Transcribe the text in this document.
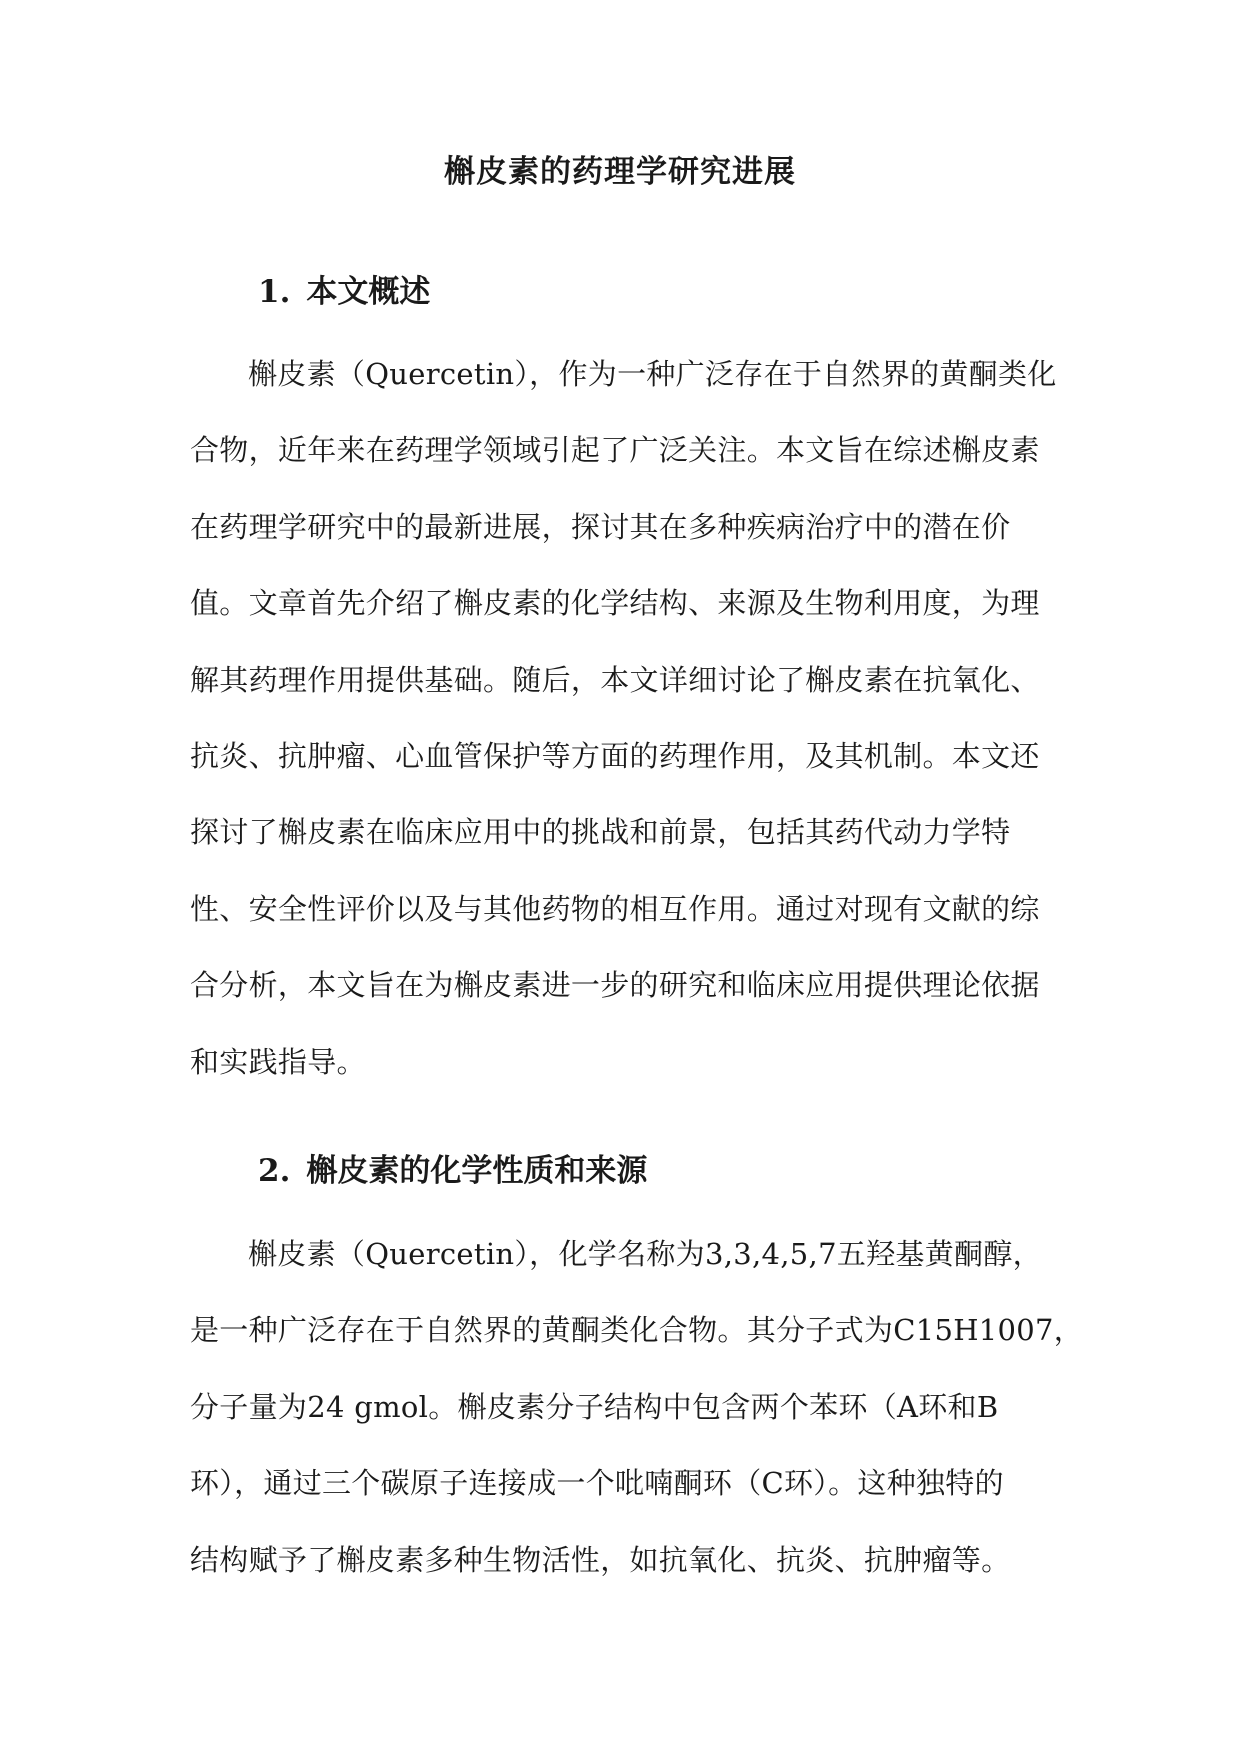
槲皮素的药理学研究进展
1. 本文概述
槲皮素（Quercetin），作为一种广泛存在于自然界的黄酮类化
合物，近年来在药理学领域引起了广泛关注。本文旨在综述槲皮素
在药理学研究中的最新进展，探讨其在多种疾病治疗中的潜在价
值。文章首先介绍了槲皮素的化学结构、来源及生物利用度，为理
解其药理作用提供基础。随后，本文详细讨论了槲皮素在抗氧化、
抗炎、抗肿瘤、心血管保护等方面的药理作用，及其机制。本文还
探讨了槲皮素在临床应用中的挑战和前景，包括其药代动力学特
性、安全性评价以及与其他药物的相互作用。通过对现有文献的综
合分析，本文旨在为槲皮素进一步的研究和临床应用提供理论依据
和实践指导。
2. 槲皮素的化学性质和来源
槲皮素（Quercetin），化学名称为3,3,4,5,7五羟基黄酮醇，
是一种广泛存在于自然界的黄酮类化合物。其分子式为C15H1007，
分子量为24 gmol。槲皮素分子结构中包含两个苯环（A环和B
环），通过三个碳原子连接成一个吡喃酮环（C环）。这种独特的
结构赋予了槲皮素多种生物活性，如抗氧化、抗炎、抗肿瘤等。
